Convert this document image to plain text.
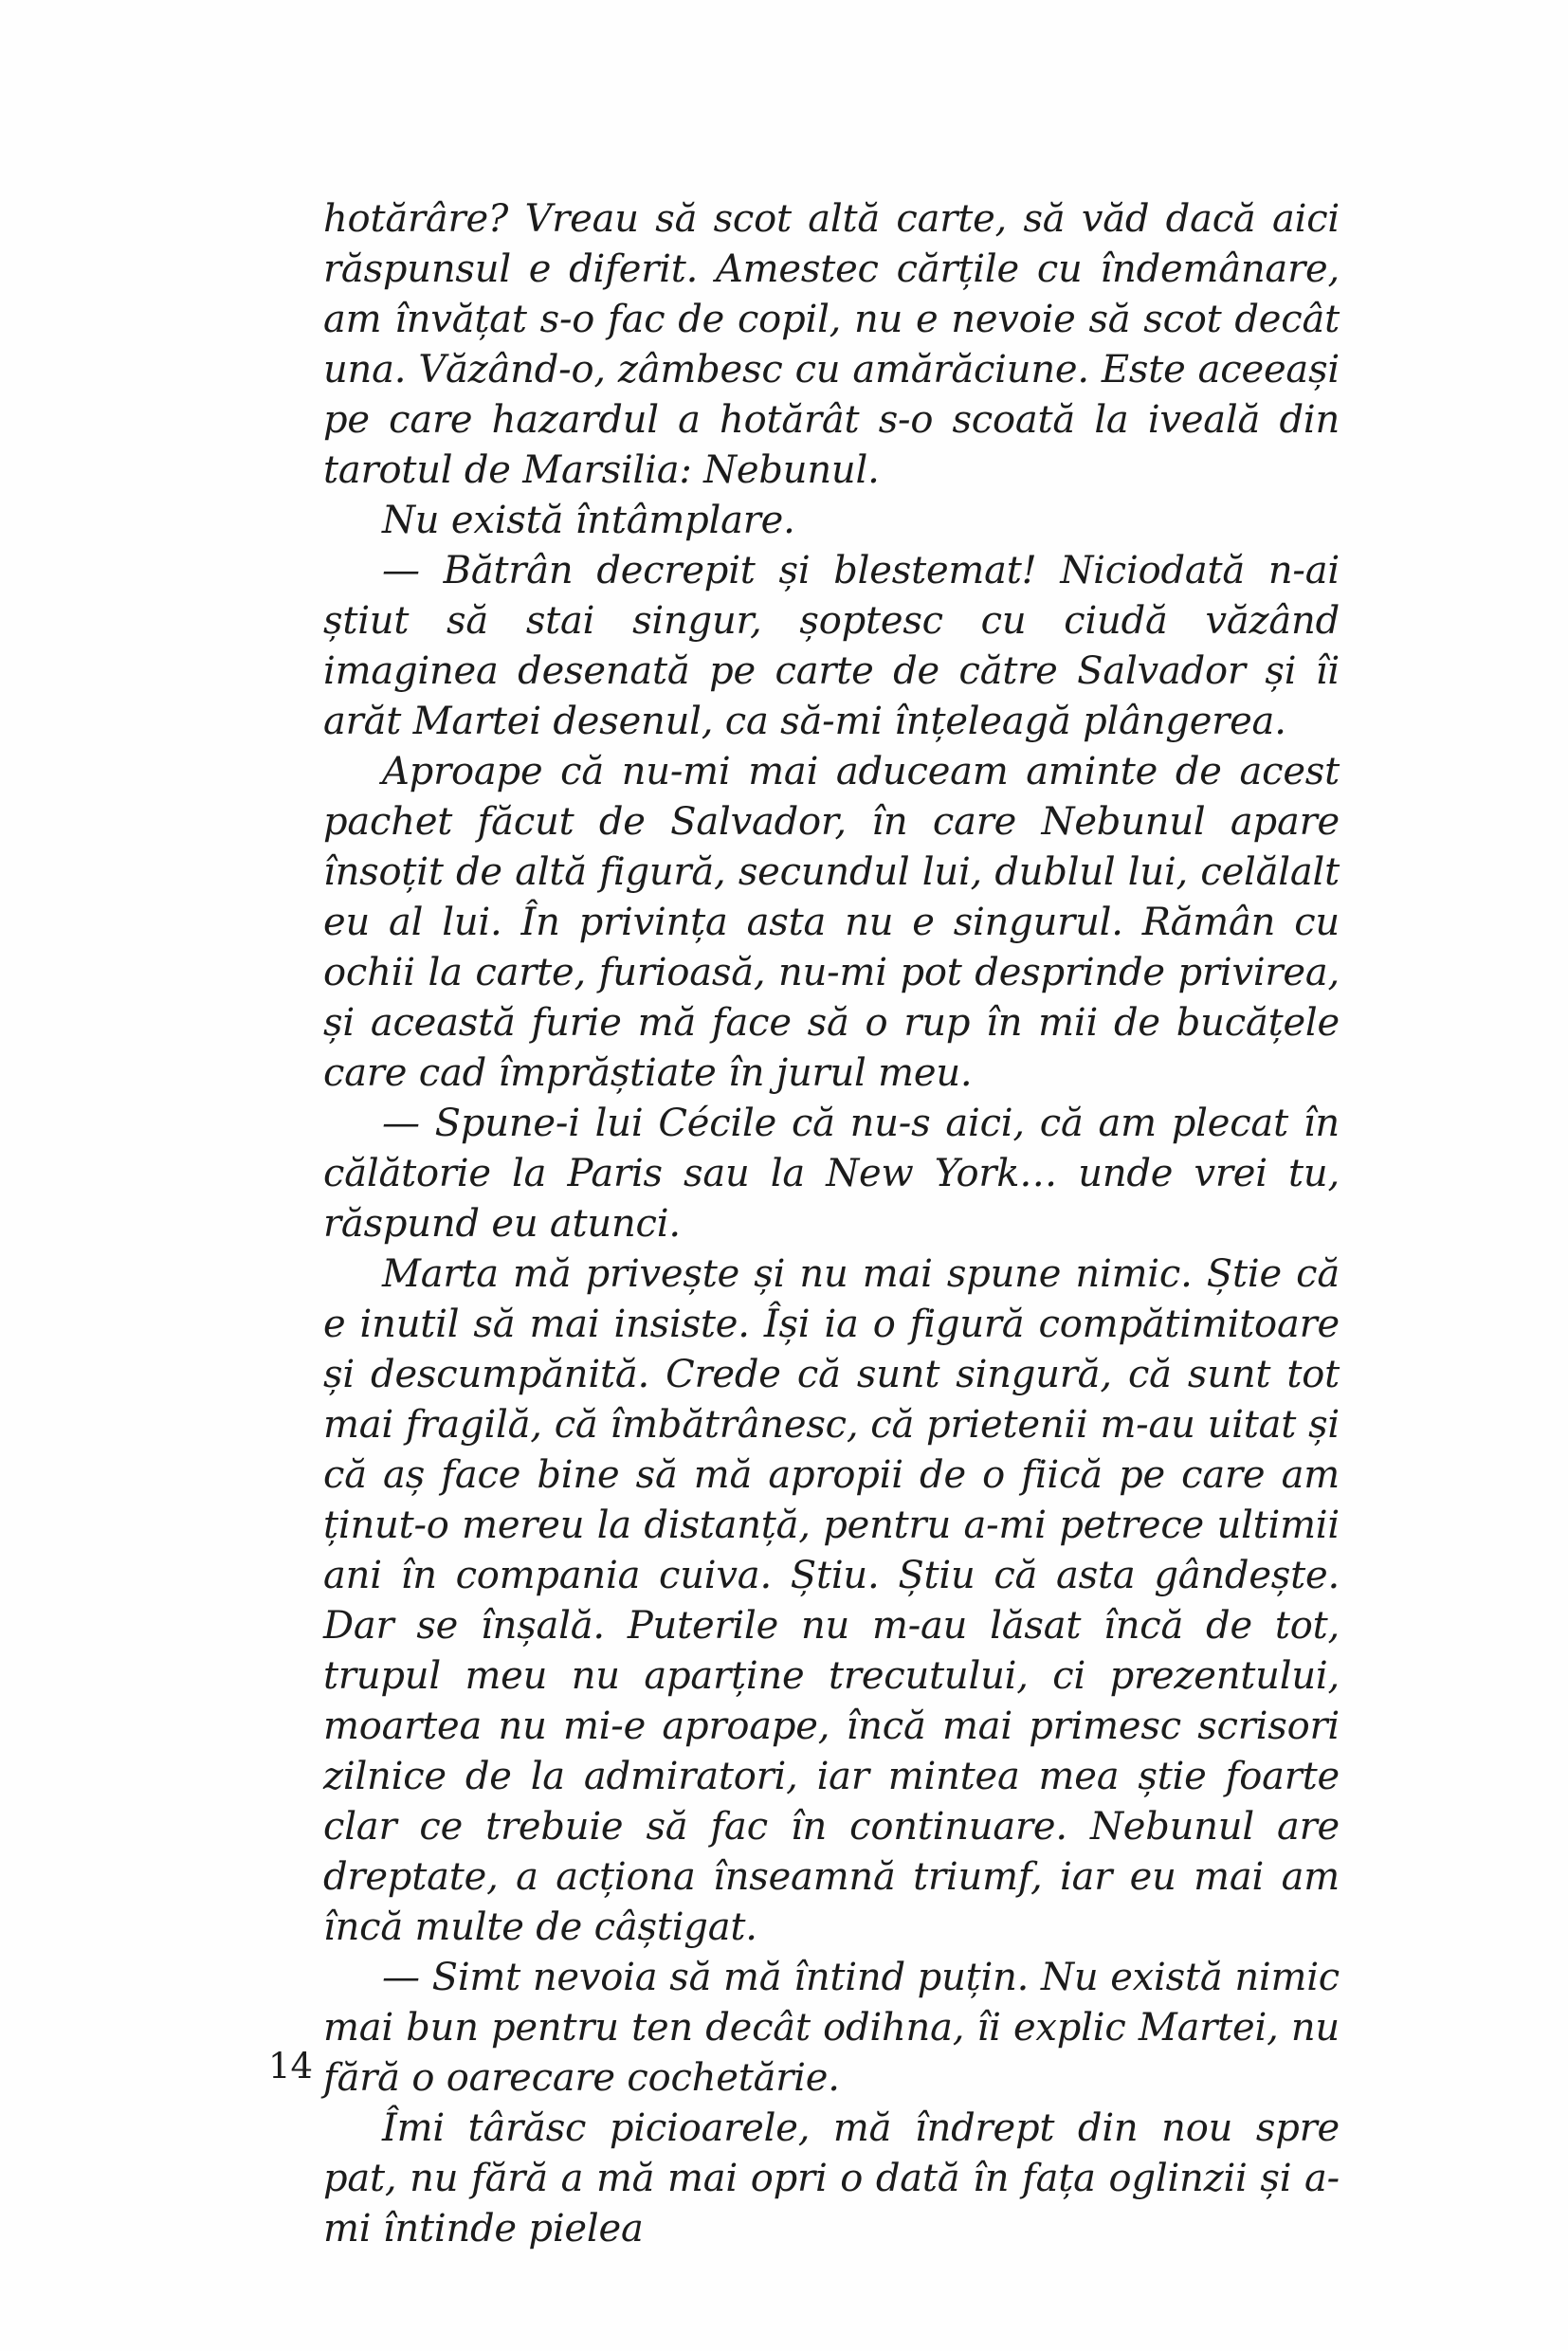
hotărâre? Vreau să scot altă carte, să văd dacă aici răspunsul e diferit. Amestec cărțile cu îndemânare, am învățat s-o fac de copil, nu e nevoie să scot decât una. Văzând-o, zâmbesc cu amărăciune. Este aceeași pe care hazardul a hotărât s-o scoată la iveală din tarotul de Marsilia: Nebunul.

Nu există întâmplare.

— Bătrân decrepit și blestemat! Niciodată n-ai știut să stai singur, șoptesc cu ciudă văzând imaginea desenată pe carte de către Salvador și îi arăt Martei desenul, ca să-mi înțeleagă plângerea.

Aproape că nu-mi mai aduceam aminte de acest pachet făcut de Salvador, în care Nebunul apare însoțit de altă figură, secundul lui, dublul lui, celălalt eu al lui. În privința asta nu e singurul. Rămân cu ochii la carte, furioasă, nu-mi pot desprinde privirea, și această furie mă face să o rup în mii de bucățele care cad împrăștiate în jurul meu.

— Spune-i lui Cécile că nu-s aici, că am plecat în călătorie la Paris sau la New York… unde vrei tu, răspund eu atunci.

Marta mă privește și nu mai spune nimic. Știe că e inutil să mai insiste. Își ia o figură compătimitoare și descumpănită. Crede că sunt singură, că sunt tot mai fragilă, că îmbătrânesc, că prietenii m-au uitat și că aș face bine să mă apropii de o fiică pe care am ținut-o mereu la distanță, pentru a-mi petrece ultimii ani în compania cuiva. Știu. Știu că asta gândește. Dar se înșală. Puterile nu m-au lăsat încă de tot, trupul meu nu aparține trecutului, ci prezentului, moartea nu mi-e aproape, încă mai primesc scrisori zilnice de la admiratori, iar mintea mea știe foarte clar ce trebuie să fac în continuare. Nebunul are dreptate, a acționa înseamnă triumf, iar eu mai am încă multe de câștigat.

— Simt nevoia să mă întind puțin. Nu există nimic mai bun pentru ten decât odihna, îi explic Martei, nu fără o oarecare cochetărie.

Îmi târăsc picioarele, mă îndrept din nou spre pat, nu fără a mă mai opri o dată în fața oglinzii și a-mi întinde pielea

14
